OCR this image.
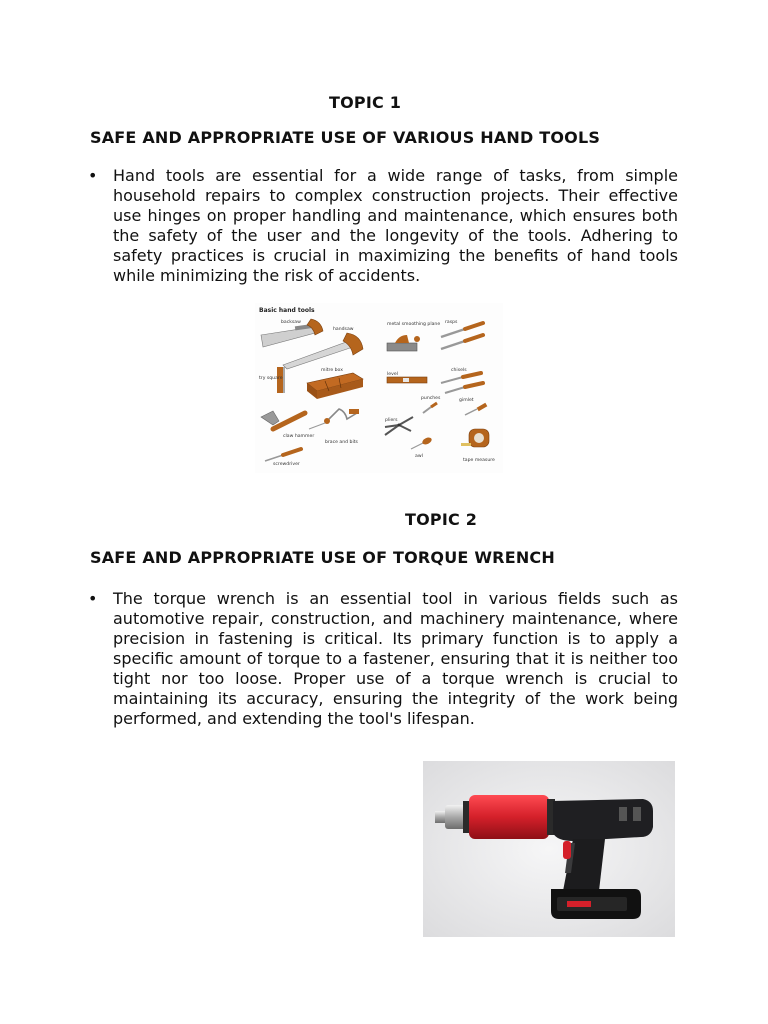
TOPIC 1
SAFE AND APPROPRIATE USE OF VARIOUS HAND TOOLS
• Hand tools are essential for a wide range of tasks, from simple household repairs to complex construction projects. Their effective use hinges on proper handling and maintenance, which ensures both the safety of the user and the longevity of the tools. Adhering to safety practices is crucial in maximizing the benefits of hand tools while minimizing the risk of accidents.
Basic hand tools
backsaw
handsaw
metal smoothing plane rasps
try square
mitre box
level
chisels
claw hammer
brace and bits
punches	gimlet
pliers
screwdriver
awl
tape measure
TOPIC 2
SAFE AND APPROPRIATE USE OF TORQUE WRENCH
• The torque wrench is an essential tool in various fields such as automotive repair, construction, and machinery maintenance, where precision in fastening is critical. Its primary function is to apply a specific amount of torque to a fastener, ensuring that it is neither too tight nor too loose. Proper use of a torque wrench is crucial to maintaining its accuracy, ensuring the integrity of the work being performed, and extending the tool's lifespan.
